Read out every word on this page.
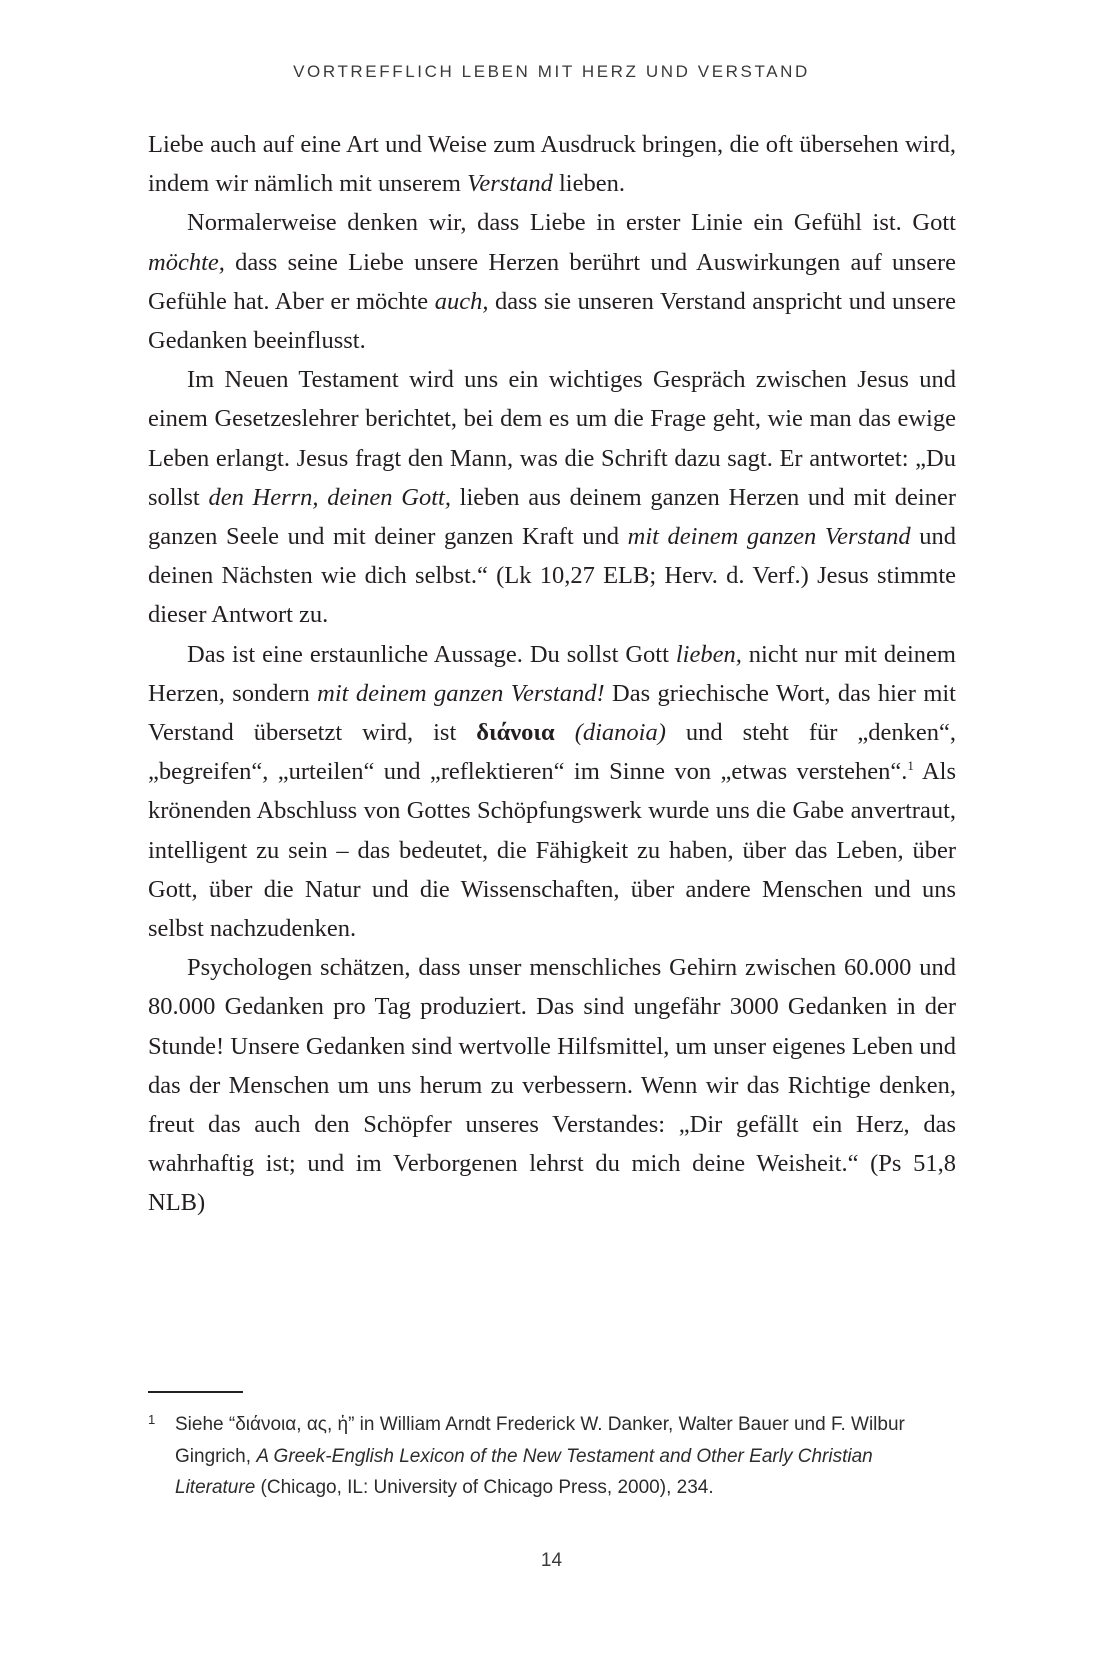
VORTREFFLICH LEBEN MIT HERZ UND VERSTAND

Liebe auch auf eine Art und Weise zum Ausdruck bringen, die oft übersehen wird, indem wir nämlich mit unserem Verstand lieben.

Normalerweise denken wir, dass Liebe in erster Linie ein Gefühl ist. Gott möchte, dass seine Liebe unsere Herzen berührt und Auswirkungen auf unsere Gefühle hat. Aber er möchte auch, dass sie unseren Verstand anspricht und unsere Gedanken beeinflusst.

Im Neuen Testament wird uns ein wichtiges Gespräch zwischen Jesus und einem Gesetzeslehrer berichtet, bei dem es um die Frage geht, wie man das ewige Leben erlangt. Jesus fragt den Mann, was die Schrift dazu sagt. Er antwortet: „Du sollst den Herrn, deinen Gott, lieben aus deinem ganzen Herzen und mit deiner ganzen Seele und mit deiner ganzen Kraft und mit deinem ganzen Verstand und deinen Nächsten wie dich selbst.“ (Lk 10,27 ELB; Herv. d. Verf.) Jesus stimmte dieser Antwort zu.

Das ist eine erstaunliche Aussage. Du sollst Gott lieben, nicht nur mit deinem Herzen, sondern mit deinem ganzen Verstand! Das griechische Wort, das hier mit Verstand übersetzt wird, ist διάνοια (dianoia) und steht für „denken“, „begreifen“, „urteilen“ und „reflektieren“ im Sinne von „etwas verstehen“.$^1$ Als krönenden Abschluss von Gottes Schöpfungswerk wurde uns die Gabe anvertraut, intelligent zu sein – das bedeutet, die Fähigkeit zu haben, über das Leben, über Gott, über die Natur und die Wissenschaften, über andere Menschen und uns selbst nachzudenken.

Psychologen schätzen, dass unser menschliches Gehirn zwischen 60.000 und 80.000 Gedanken pro Tag produziert. Das sind ungefähr 3000 Gedanken in der Stunde! Unsere Gedanken sind wertvolle Hilfsmittel, um unser eigenes Leben und das der Menschen um uns herum zu verbessern. Wenn wir das Richtige denken, freut das auch den Schöpfer unseres Verstandes: „Dir gefällt ein Herz, das wahrhaftig ist; und im Verborgenen lehrst du mich deine Weisheit.“ (Ps 51,8 NLB)

1 Siehe “διάνοια, ας, ἡ” in William Arndt Frederick W. Danker, Walter Bauer und F. Wilbur Gingrich, A Greek-English Lexicon of the New Testament and Other Early Christian Literature (Chicago, IL: University of Chicago Press, 2000), 234.
14
